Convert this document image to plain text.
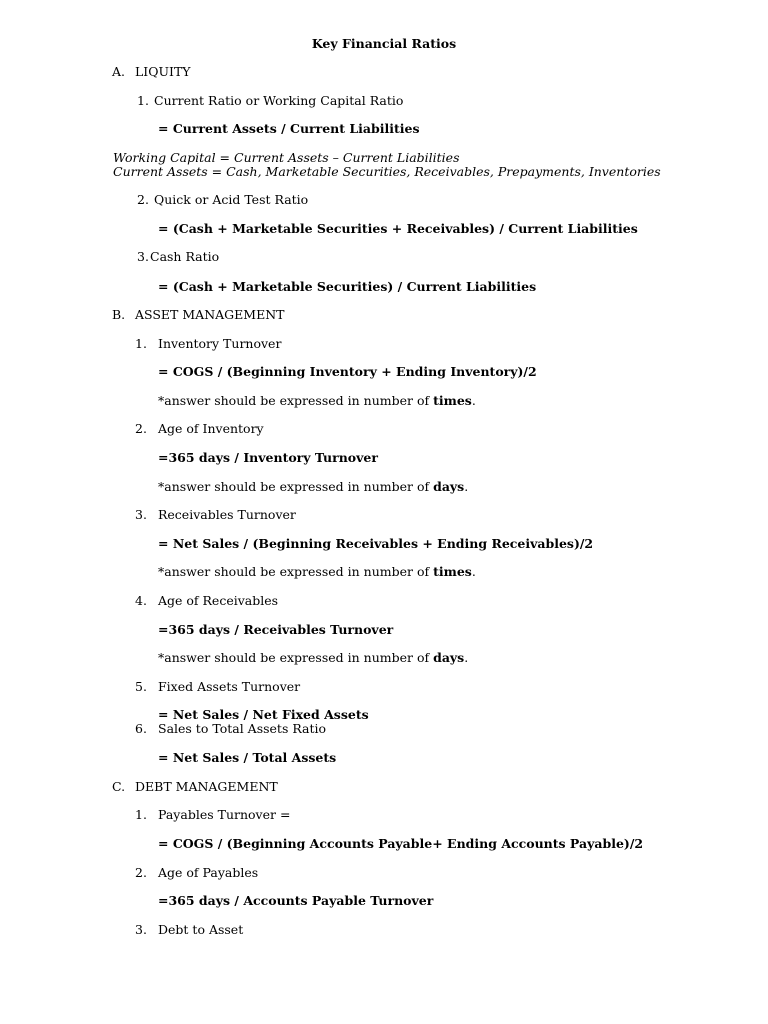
Key Financial Ratios
A. LIQUITY
1. Current Ratio or Working Capital Ratio
= Current Assets / Current Liabilities
Working Capital = Current Assets – Current Liabilities
Current Assets = Cash, Marketable Securities, Receivables, Prepayments, Inventories
2. Quick or Acid Test Ratio
= (Cash + Marketable Securities + Receivables) / Current Liabilities
3. Cash Ratio
= (Cash + Marketable Securities) / Current Liabilities
B. ASSET MANAGEMENT
1. Inventory Turnover
= COGS / (Beginning Inventory + Ending Inventory)/2
*answer should be expressed in number of times.
2. Age of Inventory
=365 days / Inventory Turnover
*answer should be expressed in number of days.
3. Receivables Turnover
= Net Sales / (Beginning Receivables + Ending Receivables)/2
*answer should be expressed in number of times.
4. Age of Receivables
=365 days / Receivables Turnover
*answer should be expressed in number of days.
5. Fixed Assets Turnover
= Net Sales / Net Fixed Assets
6. Sales to Total Assets Ratio
= Net Sales / Total Assets
C. DEBT MANAGEMENT
1. Payables Turnover =
= COGS / (Beginning Accounts Payable+ Ending Accounts Payable)/2
2. Age of Payables
=365 days / Accounts Payable Turnover
3. Debt to Asset
